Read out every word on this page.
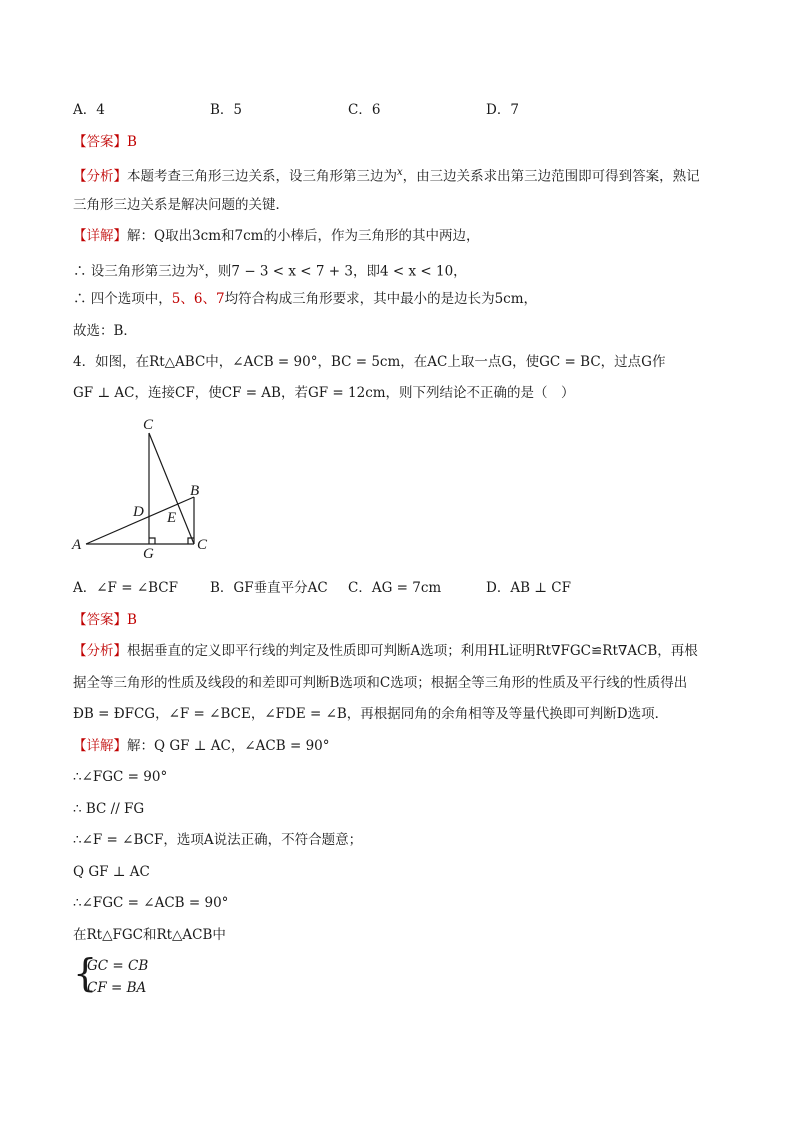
A．4	B．5	C．6	D．7
【答案】B
【分析】本题考查三角形三边关系，设三角形第三边为$^x$，由三边关系求出第三边范围即可得到答案，熟记
三角形三边关系是解决问题的关键．
【详解】解：Q取出3cm和7cm的小棒后，作为三角形的其中两边，
∴ 设三角形第三边为$^x$，则7 − 3 < x < 7 + 3，即4 < x < 10，
∴ 四个选项中，5、6、7均符合构成三角形要求，其中最小的是边长为5cm，
故选：B．
4．如图，在Rt△ABC中，∠ACB = 90°，BC = 5cm，在AC上取一点G，使GC = BC，过点G作
GF ⊥ AC，连接CF，使CF = AB，若GF = 12cm，则下列结论不正确的是（　）
C
B
D E
A
G
C
A．∠F = ∠BCF B．GF垂直平分AC C．AG = 7cm	D．AB ⊥ CF
【答案】B
【分析】根据垂直的定义即平行线的判定及性质即可判断A选项；利用HL证明Rt∇FGC≌Rt∇ACB，再根
据全等三角形的性质及线段的和差即可判断B选项和C选项；根据全等三角形的性质及平行线的性质得出
ÐB = ÐFCG，∠F = ∠BCE，∠FDE = ∠B，再根据同角的余角相等及等量代换即可判断D选项．
【详解】解：Q GF ⊥ AC，∠ACB = 90°
∴∠FGC = 90°
∴ BC // FG
∴∠F = ∠BCF，选项A说法正确，不符合题意；
Q GF ⊥ AC
∴∠FGC = ∠ACB = 90°
在Rt△FGC和Rt△ACB中
{
GC = CB
CF = BA
